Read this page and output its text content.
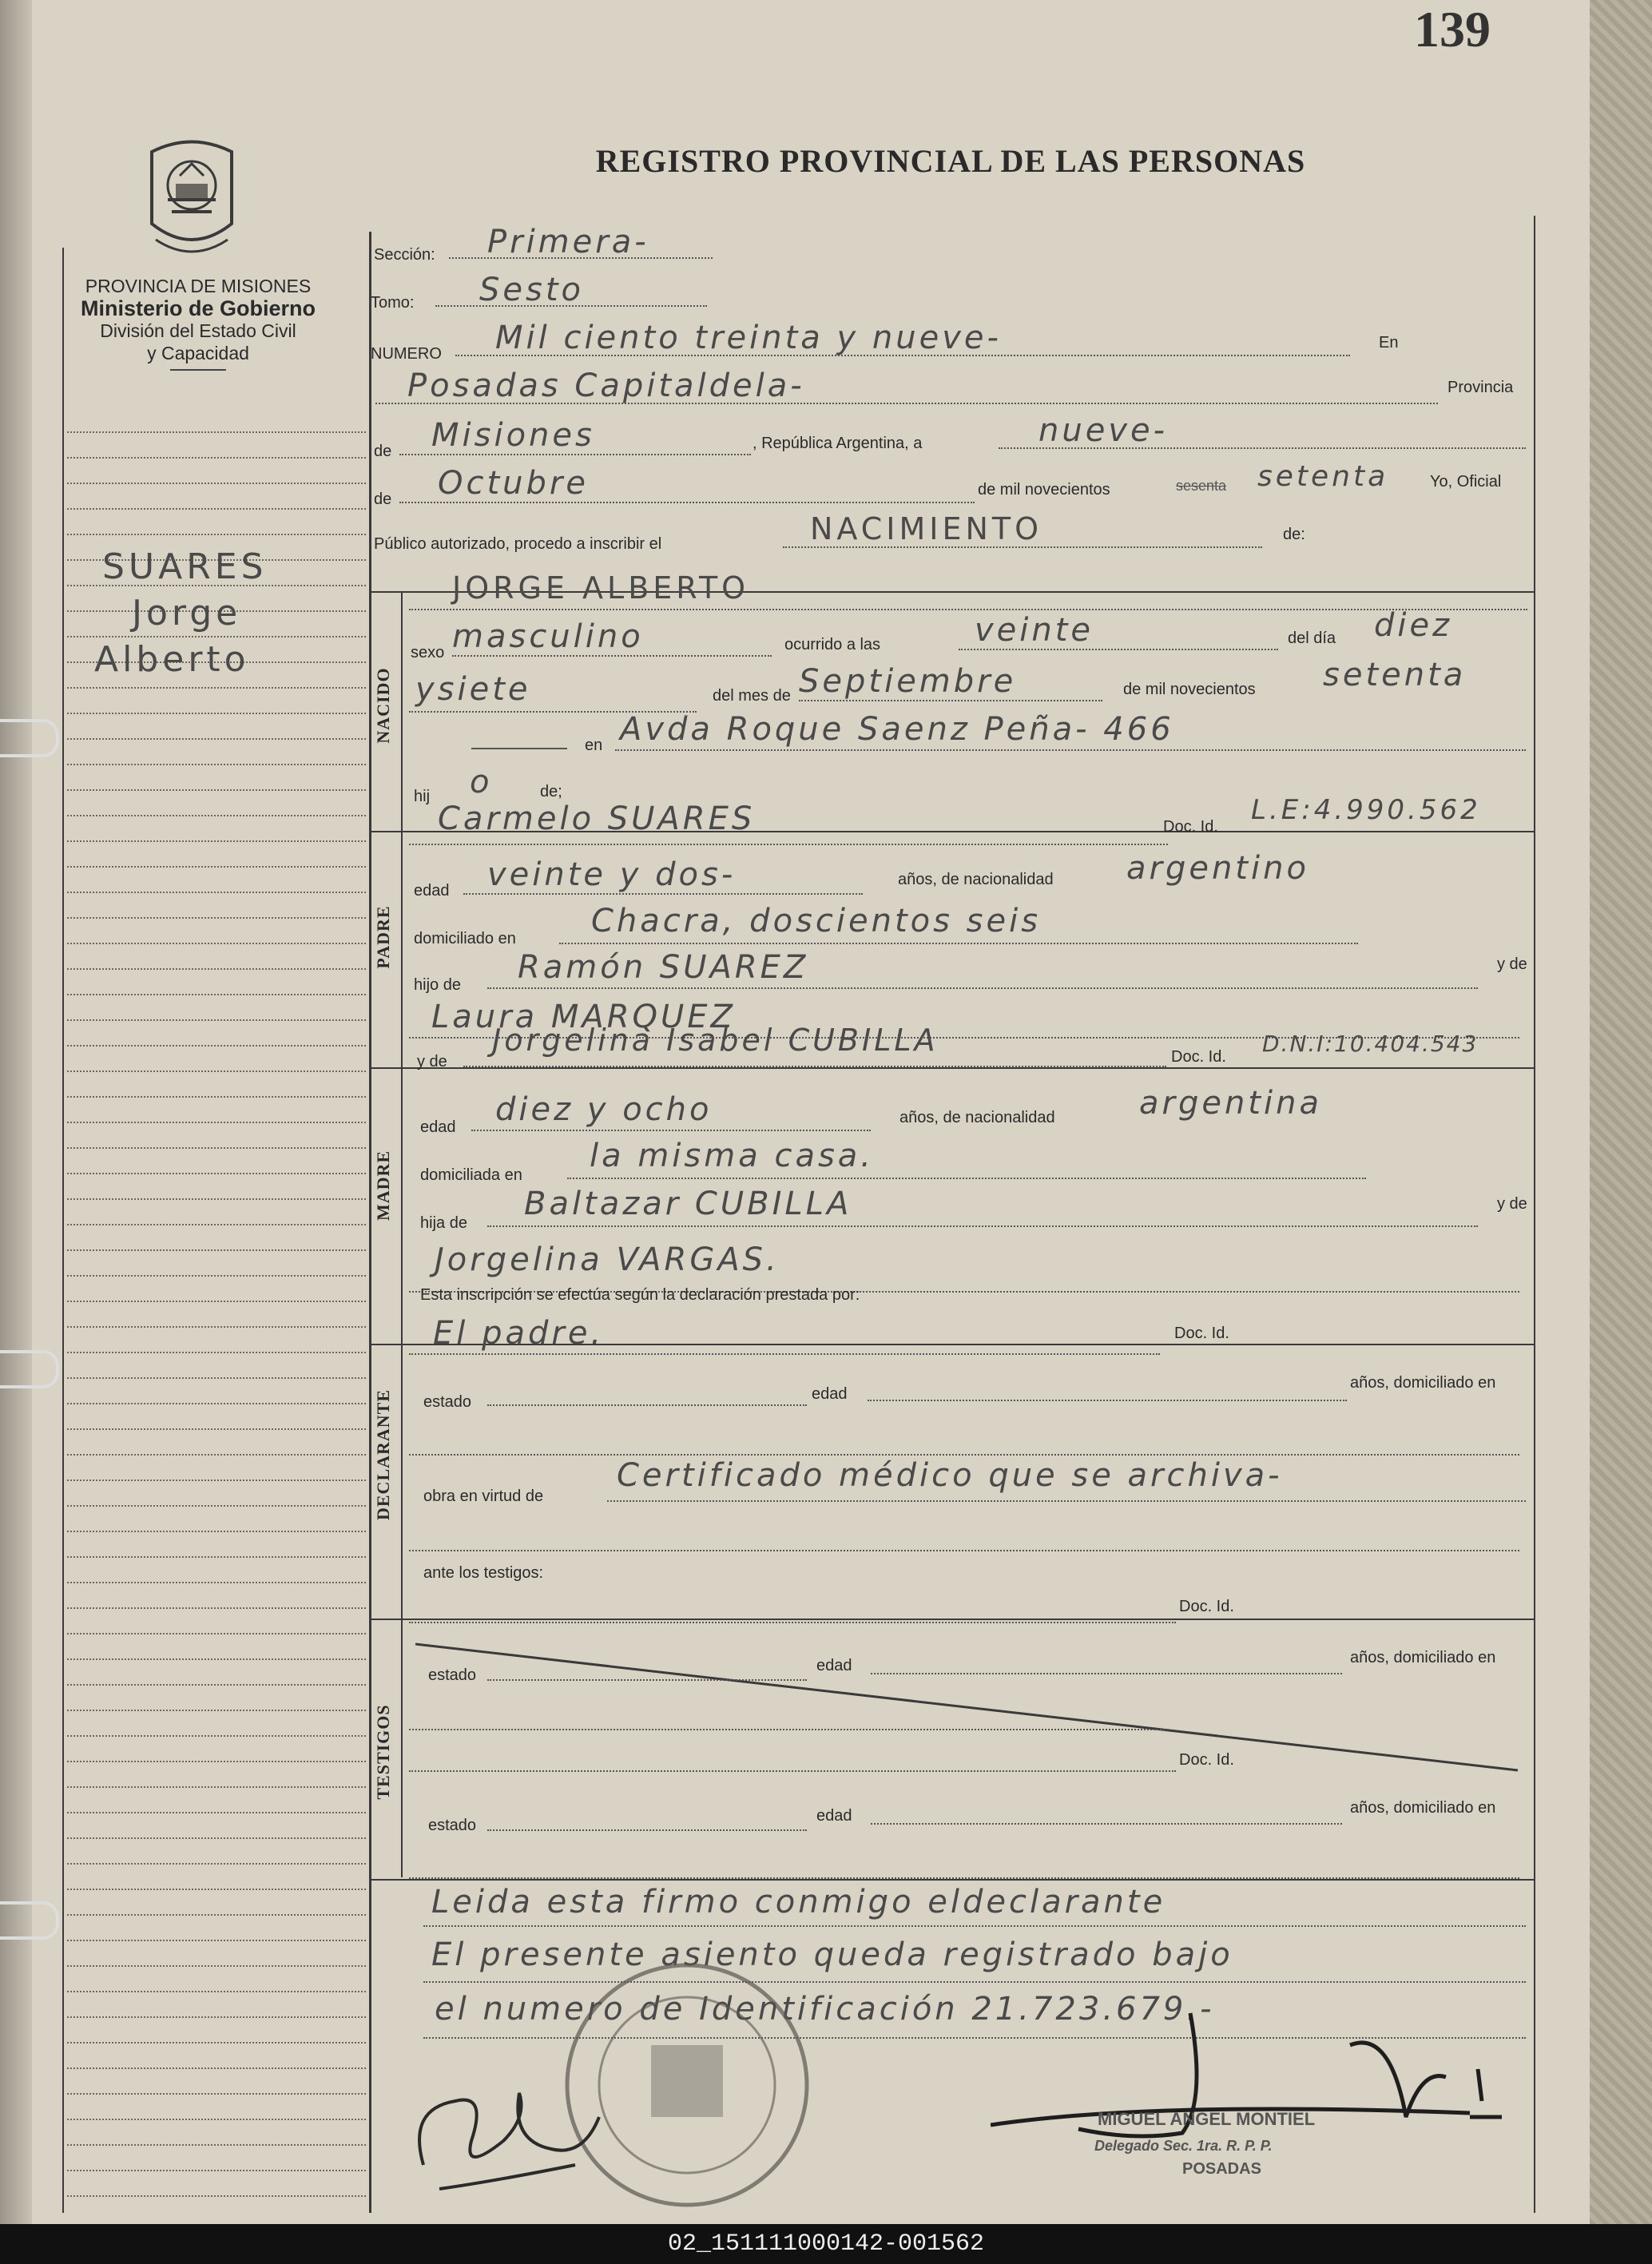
139
REGISTRO PROVINCIAL DE LAS PERSONAS
PROVINCIA DE MISIONES
Ministerio de Gobierno
División del Estado Civil
y Capacidad
SUARES
Jorge
Alberto
NACIDO
PADRE
MADRE
DECLARANTE
TESTIGOS
Sección: Primera-
Tomo: Sesto
NUMERO Mil ciento treinta y nueve-	En
Posadas Capitaldela-	Provincia
de Misiones	, República Argentina, a	nueve-
de Octubre	de mil novecientos	sesenta setenta	Yo, Oficial
Público autorizado, procedo a inscribir el	NACIMIENTO	de:
JORGE ALBERTO
sexo masculino	ocurrido a las	veinte	del día diez
ysiete	del mes de Septiembre	de mil novecientos setenta
en Avda Roque Saenz Peña- 466
hij o	de;
Carmelo SUARES	Doc. Id.
L.E:4.990.562
edad veinte y dos-	años, de nacionalidad argentino
domiciliado en Chacra, doscientos seis
hijo de Ramón SUAREZ	y de
Laura MARQUEZ
y de
Jorgelina Isabel CUBILLA	Doc. Id. D.N.I:10.404.543
edad diez y ocho	años, de nacionalidad	argentina
domiciliada en
la misma casa.
hija de
Baltazar CUBILLA	y de
Jorgelina VARGAS.
Esta inscripción se efectúa según la declaración prestada por:
El padre.	Doc. Id.
estado	edad
años, domiciliado en
obra en virtud de
Certificado médico que se archiva-
ante los testigos:
Doc. Id.
estado
edad	años, domiciliado en
Doc. Id.
estado
edad	años, domiciliado en
Leida esta firmo conmigo eldeclarante
El presente asiento queda registrado bajo
el numero de Identificación 21.723.679.-
MIGUEL ANGEL MONTIEL
Delegado Sec. 1ra. R. P. P.
POSADAS
02_151111000142-001562
